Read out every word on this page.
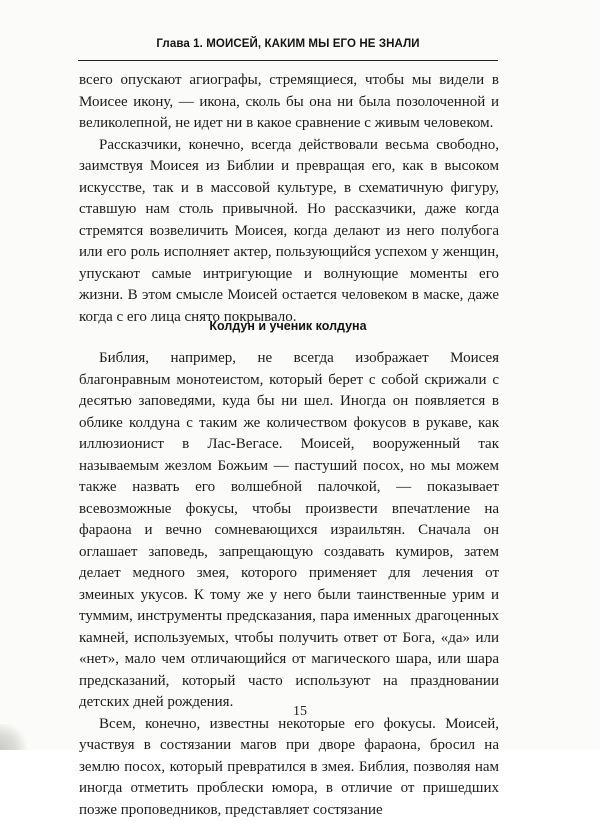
Глава 1. МОИСЕЙ, КАКИМ МЫ ЕГО НЕ ЗНАЛИ

всего опускают агиографы, стремящиеся, чтобы мы видели в Моисее икону, — икона, сколь бы она ни была позолоченной и великолепной, не идет ни в какое сравнение с живым человеком.

Рассказчики, конечно, всегда действовали весьма свободно, заимствуя Моисея из Библии и превращая его, как в высоком искусстве, так и в массовой культуре, в схематичную фигуру, ставшую нам столь привычной. Но рассказчики, даже когда стремятся возвеличить Моисея, когда делают из него полубога или его роль исполняет актер, пользующийся успехом у женщин, упускают самые интригующие и волнующие моменты его жизни. В этом смысле Моисей остается человеком в маске, даже когда с его лица снято покрывало.

Колдун и ученик колдуна

Библия, например, не всегда изображает Моисея благонравным монотеистом, который берет с собой скрижали с десятью заповедями, куда бы ни шел. Иногда он появляется в облике колдуна с таким же количеством фокусов в рукаве, как иллюзионист в Лас-Вегасе. Моисей, вооруженный так называемым жезлом Божьим — пастуший посох, но мы можем также назвать его волшебной палочкой, — показывает всевозможные фокусы, чтобы произвести впечатление на фараона и вечно сомневающихся израильтян. Сначала он оглашает заповедь, запрещающую создавать кумиров, затем делает медного змея, которого применяет для лечения от змеиных укусов. К тому же у него были таинственные урим и туммим, инструменты предсказания, пара именных драгоценных камней, используемых, чтобы получить ответ от Бога, «да» или «нет», мало чем отличающийся от магического шара, или шара предсказаний, который часто используют на праздновании детских дней рождения.

Всем, конечно, известны некоторые его фокусы. Моисей, участвуя в состязании магов при дворе фараона, бросил на землю посох, который превратился в змея. Библия, позволяя нам иногда отметить проблески юмора, в отличие от пришедших позже проповедников, представляет состязание

15
